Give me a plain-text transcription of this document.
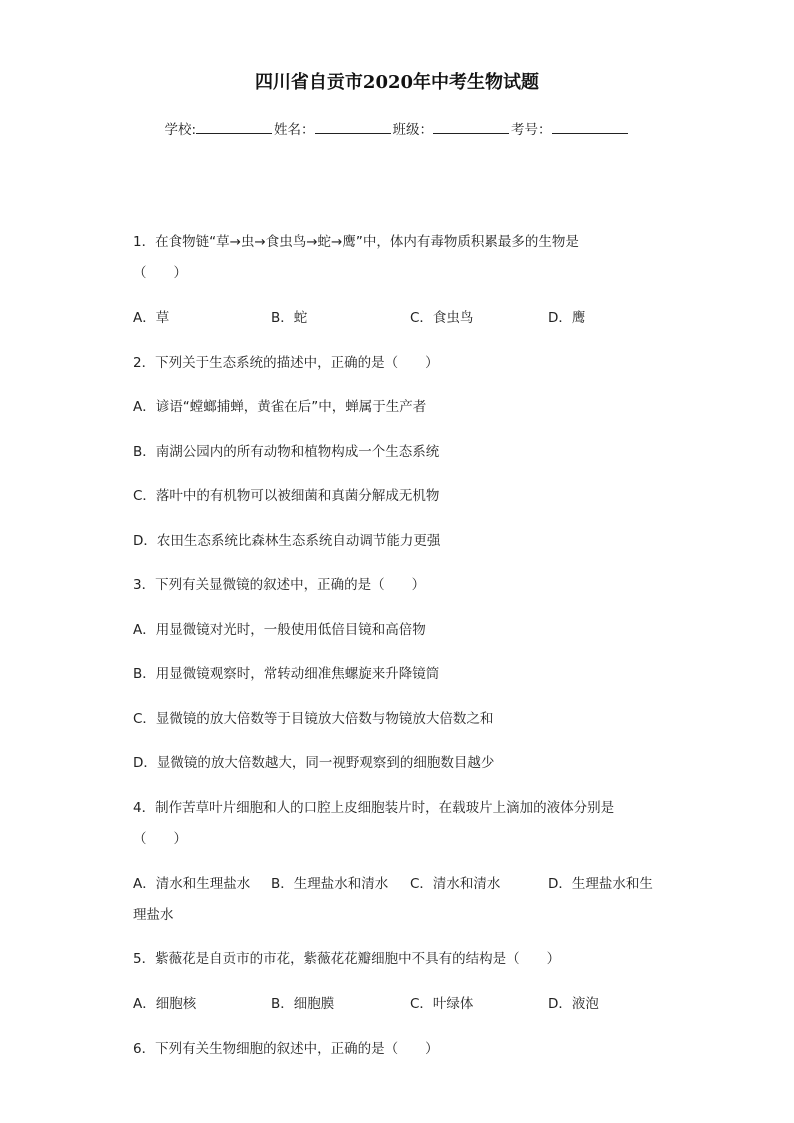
四川省自贡市2020年中考生物试题
学校:	姓名：	班级：	考号：
1．在食物链“草→虫→食虫鸟→蛇→鹰”中，体内有毒物质积累最多的生物是
（　　）
A．草	B．蛇	C．食虫鸟	D．鹰
2．下列关于生态系统的描述中，正确的是（　　）
A．谚语“螳螂捕蝉，黄雀在后”中，蝉属于生产者
B．南湖公园内的所有动物和植物构成一个生态系统
C．落叶中的有机物可以被细菌和真菌分解成无机物
D．农田生态系统比森林生态系统自动调节能力更强
3．下列有关显微镜的叙述中，正确的是（　　）
A．用显微镜对光时，一般使用低倍目镜和高倍物
B．用显微镜观察时，常转动细准焦螺旋来升降镜筒
C．显微镜的放大倍数等于目镜放大倍数与物镜放大倍数之和
D．显微镜的放大倍数越大，同一视野观察到的细胞数目越少
4．制作苦草叶片细胞和人的口腔上皮细胞装片时，在载玻片上滴加的液体分别是
（　　）
A．清水和生理盐水 B．生理盐水和清水 C．清水和清水	D．生理盐水和生
理盐水
5．紫薇花是自贡市的市花，紫薇花花瓣细胞中不具有的结构是（　　）
A．细胞核	B．细胞膜	C．叶绿体	D．液泡
6．下列有关生物细胞的叙述中，正确的是（　　）
